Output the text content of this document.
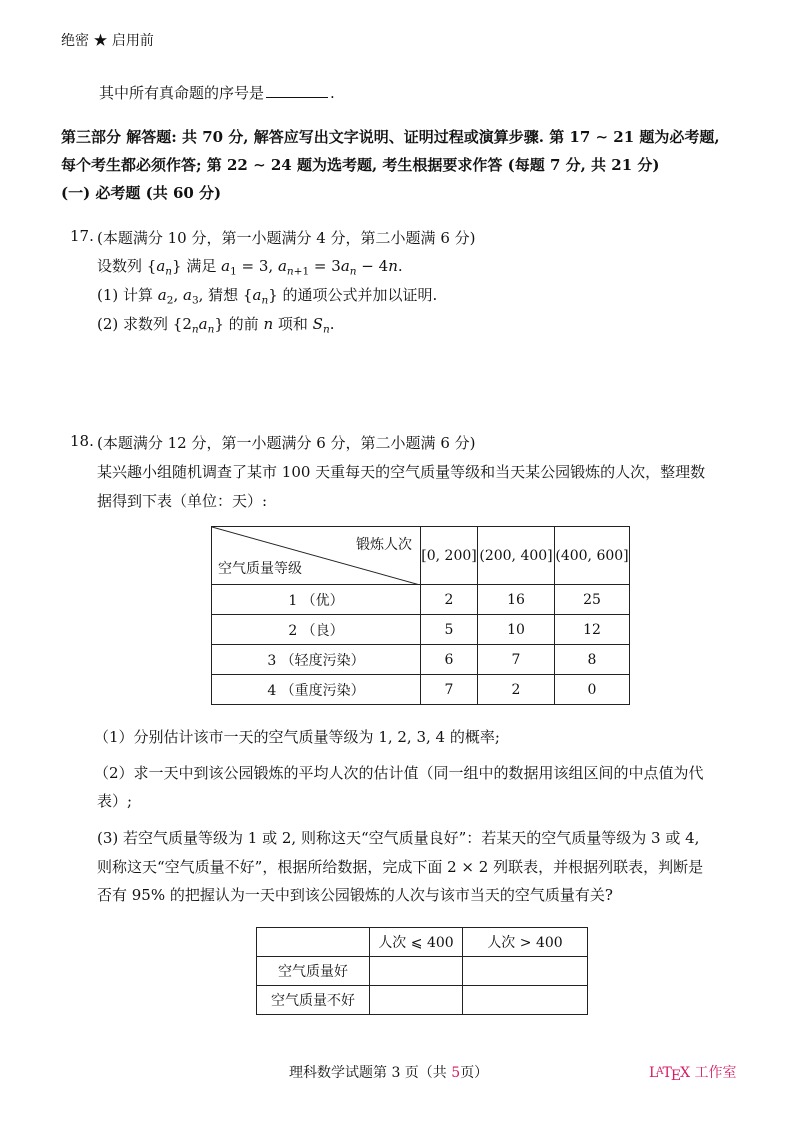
绝密 ★ 启用前
其中所有真命题的序号是	.
第三部分 解答题: 共 70 分, 解答应写出文字说明、证明过程或演算步骤. 第 17 ∼ 21 题为必考题,
每个考生都必须作答; 第 22 ∼ 24 题为选考题, 考生根据要求作答 (每题 7 分, 共 21 分)
(一) 必考题 (共 60 分)
17. (本题满分 10 分，第一小题满分 4 分，第二小题满 6 分)
设数列 $\{a_n\}$ 满足 $a_1 = 3$, $a_{n+1} = 3a_n - 4n$.
(1) 计算 $a_2$, $a_3$, 猜想 $\{a_n\}$ 的通项公式并加以证明.
(2) 求数列 $\{2_na_n\}$ 的前 n 项和 $S_n$.
18. (本题满分 12 分，第一小题满分 6 分，第二小题满 6 分)
某兴趣小组随机调查了某市 100 天重每天的空气质量等级和当天某公园锻炼的人次，整理数
据得到下表（单位：天）:
锻炼人次
空气质量等级	[0, 200]	(200, 400]	(400, 600]
1 （优）	2	16	25
2 （良）	5	10	12
3 （轻度污染）	6	7	8
4 （重度污染）	7	2	0
（1）分别估计该市一天的空气质量等级为 1, 2, 3, 4 的概率;
（2）求一天中到该公园锻炼的平均人次的估计值（同一组中的数据用该组区间的中点值为代
表）;
(3) 若空气质量等级为 1 或 2, 则称这天“空气质量良好”：若某天的空气质量等级为 3 或 4,
则称这天“空气质量不好”，根据所给数据，完成下面 2 × 2 列联表，并根据列联表，判断是
否有 95% 的把握认为一天中到该公园锻炼的人次与该市当天的空气质量有关?
	人次 ⩽ 400	人次 > 400
空气质量好		
空气质量不好		
理科数学试题第 3 页（共 5页）	$L^ATEX$ 工作室
